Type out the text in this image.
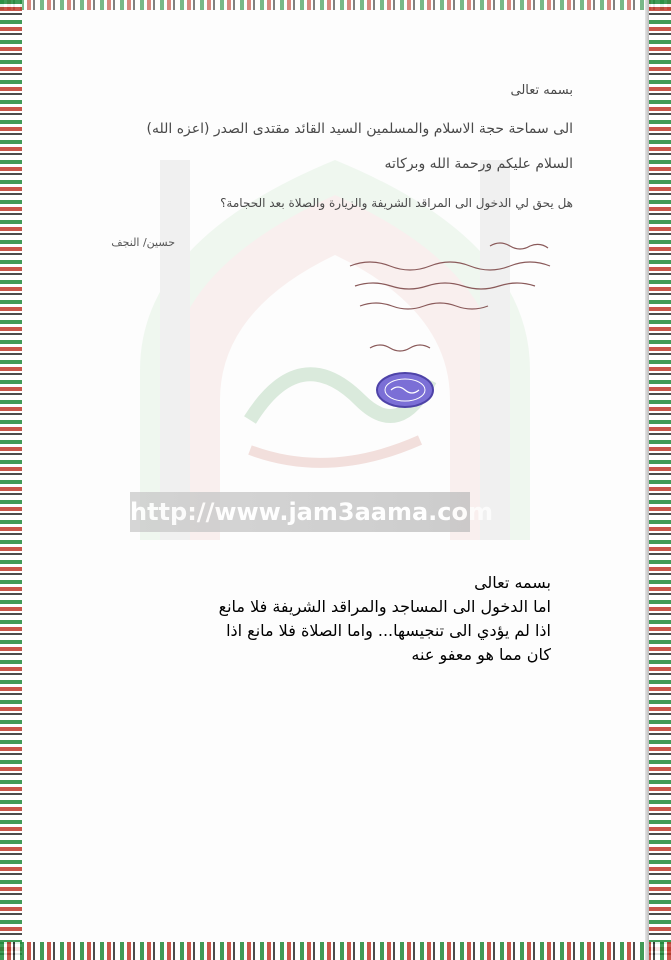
http://www.jam3aama.com
بسمه تعالى
الى سماحة حجة الاسلام والمسلمين السيد القائد مقتدى الصدر (اعزه الله)
السلام عليكم ورحمة الله وبركاته
هل يحق لي الدخول الى المراقد الشريفة والزيارة والصلاة بعد الحجامة؟
حسين/ النجف
بسمه تعالى
اما الدخول الى المساجد والمراقد الشريفة فلا مانع
اذا لم يؤدي الى تنجيسها... واما الصلاة فلا مانع اذا
كان مما هو معفو عنه
